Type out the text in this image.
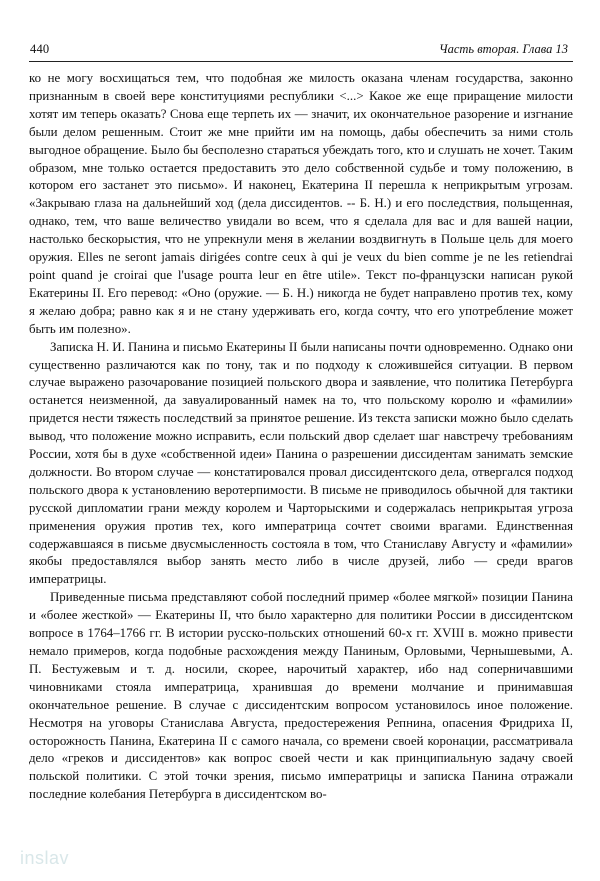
440	Часть вторая. Глава 13

ко не могу восхищаться тем, что подобная же милость оказана членам государства, законно признанным в своей вере конституциями республики <...> Какое же еще приращение милости хотят им теперь оказать? Снова еще терпеть их — значит, их окончательное разорение и изгнание были делом решенным. Стоит же мне прийти им на помощь, дабы обеспечить за ними столь выгодное обращение. Было бы бесполезно стараться убеждать того, кто и слушать не хочет. Таким образом, мне только остается предоставить это дело собственной судьбе и тому положению, в котором его застанет это письмо». И наконец, Екатерина II перешла к неприкрытым угрозам. «Закрываю глаза на дальнейший ход (дела диссидентов. -- Б. Н.) и его последствия, польщенная, однако, тем, что ваше величество увидали во всем, что я сделала для вас и для вашей нации, настолько бескорыстия, что не упрекнули меня в желании воздвигнуть в Польше цель для моего оружия. Elles ne seront jamais dirigées contre ceux à qui je veux du bien comme je ne les retiendrai point quand je croirai que l'usage pourra leur en être utile». Текст по-французски написан рукой Екатерины II. Его перевод: «Оно (оружие. — Б. Н.) никогда не будет направлено против тех, кому я желаю добра; равно как я и не стану удерживать его, когда сочту, что его употребление может быть им полезно».

Записка Н. И. Панина и письмо Екатерины II были написаны почти одновременно. Однако они существенно различаются как по тону, так и по подходу к сложившейся ситуации. В первом случае выражено разочарование позицией польского двора и заявление, что политика Петербурга останется неизменной, да завуалированный намек на то, что польскому королю и «фамилии» придется нести тяжесть последствий за принятое решение. Из текста записки можно было сделать вывод, что положение можно исправить, если польский двор сделает шаг навстречу требованиям России, хотя бы в духе «собственной идеи» Панина о разрешении диссидентам занимать земские должности. Во втором случае — констатировался провал диссидентского дела, отвергался подход польского двора к установлению веротерпимости. В письме не приводилось обычной для тактики русской дипломатии грани между королем и Чарторыскими и содержалась неприкрытая угроза применения оружия против тех, кого императрица сочтет своими врагами. Единственная содержавшаяся в письме двусмысленность состояла в том, что Станиславу Августу и «фамилии» якобы предоставлялся выбор занять место либо в числе друзей, либо — среди врагов императрицы.

Приведенные письма представляют собой последний пример «более мягкой» позиции Панина и «более жесткой» — Екатерины II, что было характерно для политики России в диссидентском вопросе в 1764–1766 гг. В истории русско-польских отношений 60-х гг. XVIII в. можно привести немало примеров, когда подобные расхождения между Паниным, Орловыми, Чернышевыми, А. П. Бестужевым и т. д. носили, скорее, нарочитый характер, ибо над соперничавшими чиновниками стояла императрица, хранившая до времени молчание и принимавшая окончательное решение. В случае с диссидентским вопросом установилось иное положение. Несмотря на уговоры Станислава Августа, предостережения Репнина, опасения Фридриха II, осторожность Панина, Екатерина II с самого начала, со времени своей коронации, рассматривала дело «греков и диссидентов» как вопрос своей чести и как принципиальную задачу своей польской политики. С этой точки зрения, письмо императрицы и записка Панина отражали последние колебания Петербурга в диссидентском во-

inslav
